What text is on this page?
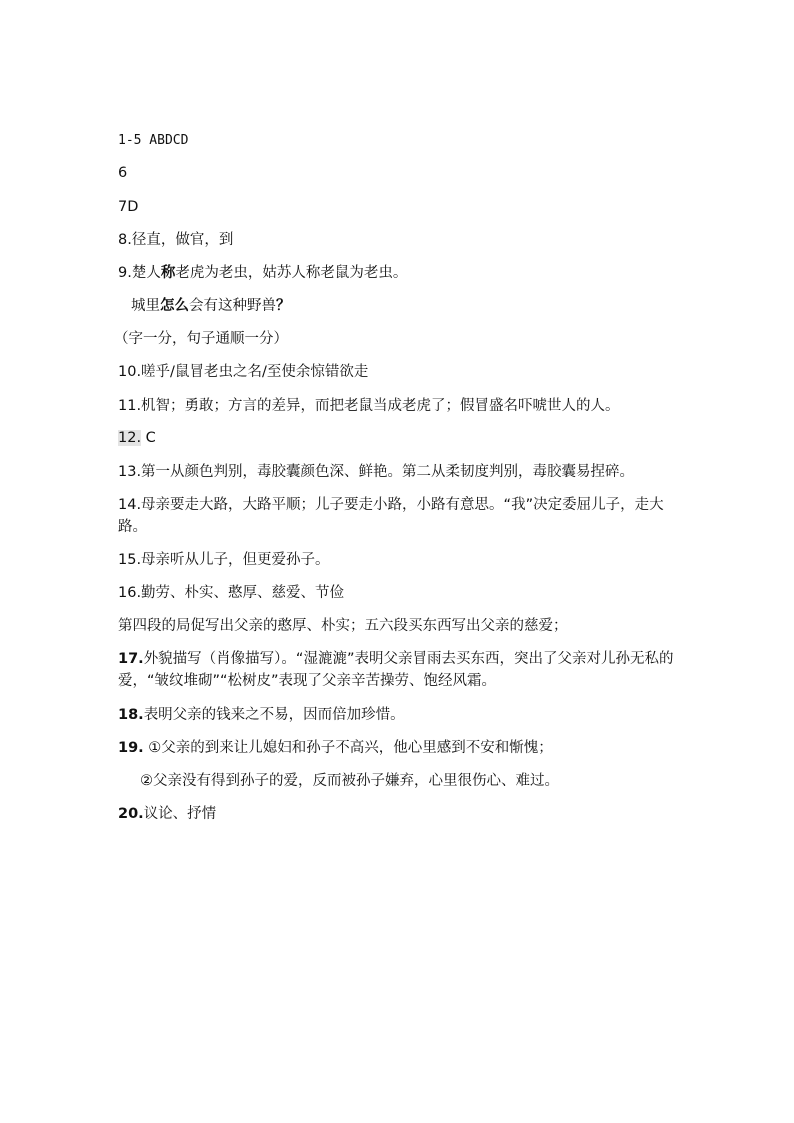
1-5 ABDCD
6
7D
8.径直，做官，到
9.楚人称老虎为老虫，姑苏人称老鼠为老虫。
城里怎么会有这种野兽？
（字一分，句子通顺一分）
10.嗟乎/鼠冒老虫之名/至使余惊错欲走
11.机智；勇敢；方言的差异，而把老鼠当成老虎了；假冒盛名吓唬世人的人。
12. C
13.第一从颜色判别，毒胶囊颜色深、鲜艳。第二从柔韧度判别，毒胶囊易捏碎。
14.母亲要走大路，大路平顺；儿子要走小路，小路有意思。“我”决定委屈儿子，走大路。
15.母亲听从儿子，但更爱孙子。
16.勤劳、朴实、憨厚、慈爱、节俭
第四段的局促写出父亲的憨厚、朴实；五六段买东西写出父亲的慈爱；
17.外貌描写（肖像描写）。“湿漉漉”表明父亲冒雨去买东西，突出了父亲对儿孙无私的爱，“皱纹堆砌”“松树皮”表现了父亲辛苦操劳、饱经风霜。
18.表明父亲的钱来之不易，因而倍加珍惜。
19. ①父亲的到来让儿媳妇和孙子不高兴，他心里感到不安和惭愧；
②父亲没有得到孙子的爱，反而被孙子嫌弃，心里很伤心、难过。
20.议论、抒情
